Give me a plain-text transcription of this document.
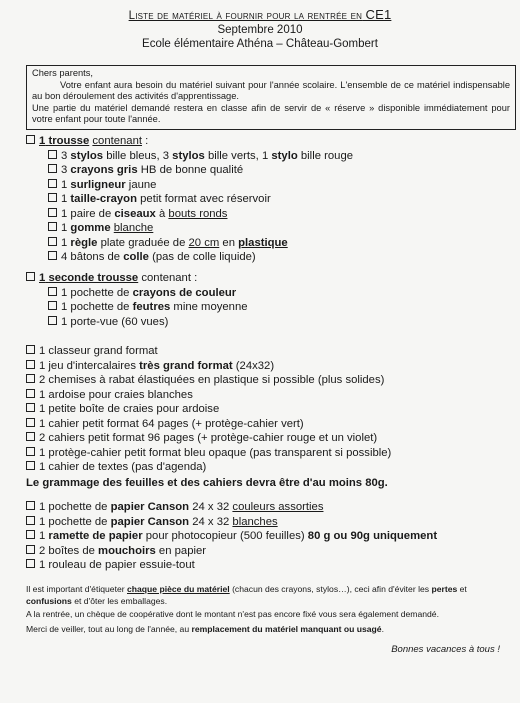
Liste de matériel à fournir pour la rentrée en CE1
Septembre 2010
Ecole élémentaire Athéna – Château-Gombert

Chers parents,

Votre enfant aura besoin du matériel suivant pour l'année scolaire. L'ensemble de ce matériel indispensable au bon déroulement des activités d'apprentissage.

Une partie du matériel demandé restera en classe afin de servir de « réserve » disponible immédiatement pour votre enfant pour toute l'année.

1 trousse contenant :
3 stylos bille bleus, 3 stylos bille verts, 1 stylo bille rouge
3 crayons gris HB de bonne qualité
1 surligneur jaune
1 taille-crayon petit format avec réservoir
1 paire de ciseaux à bouts ronds
1 gomme blanche
1 règle plate graduée de 20 cm en plastique
4 bâtons de colle (pas de colle liquide)
1 seconde trousse contenant :
1 pochette de crayons de couleur
1 pochette de feutres mine moyenne
1 porte-vue (60 vues)
1 classeur grand format
1 jeu d'intercalaires très grand format (24x32)
2 chemises à rabat élastiquées en plastique si possible (plus solides)
1 ardoise pour craies blanches
1 petite boîte de craies pour ardoise
1 cahier petit format 64 pages (+ protège-cahier vert)
2 cahiers petit format 96 pages (+ protège-cahier rouge et un violet)
1 protège-cahier petit format bleu opaque (pas transparent si possible)
1 cahier de textes (pas d'agenda)
Le grammage des feuilles et des cahiers devra être d'au moins 80g.
1 pochette de papier Canson 24 x 32 couleurs assorties
1 pochette de papier Canson 24 x 32 blanches
1 ramette de papier pour photocopieur (500 feuilles) 80 g ou 90g uniquement
2 boîtes de mouchoirs en papier
1 rouleau de papier essuie-tout

Il est important d'étiqueter chaque pièce du matériel (chacun des crayons, stylos…), ceci afin d'éviter les pertes et confusions et d'ôter les emballages.

A la rentrée, un chèque de coopérative dont le montant n'est pas encore fixé vous sera également demandé.

Merci de veiller, tout au long de l'année, au remplacement du matériel manquant ou usagé.

Bonnes vacances à tous !
